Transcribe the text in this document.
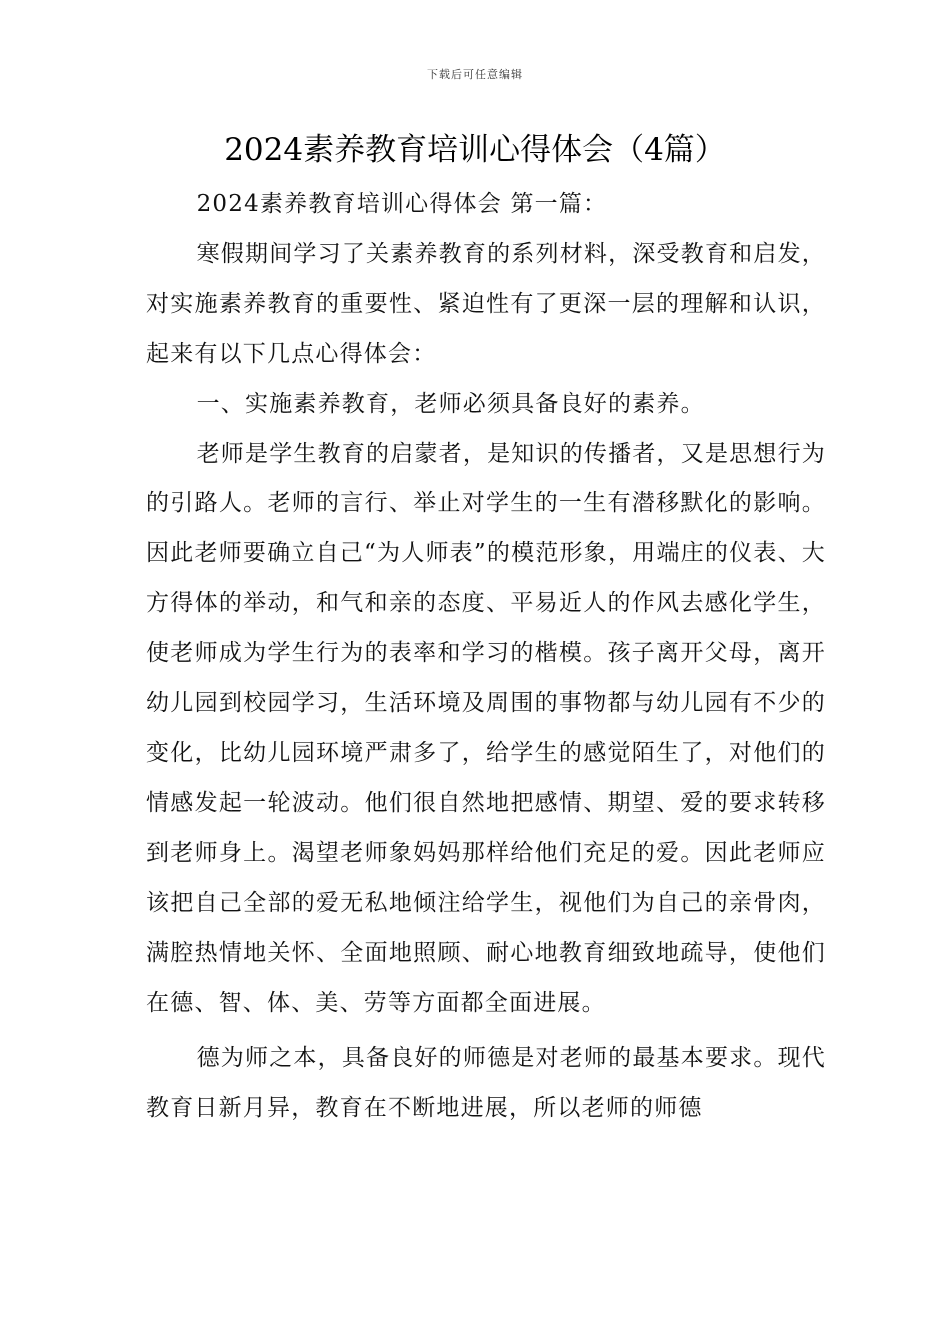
下载后可任意编辑
2024素养教育培训心得体会（4篇）

2024素养教育培训心得体会 第一篇：

寒假期间学习了关素养教育的系列材料，深受教育和启发，对实施素养教育的重要性、紧迫性有了更深一层的理解和认识，起来有以下几点心得体会：

一、实施素养教育，老师必须具备良好的素养。

老师是学生教育的启蒙者，是知识的传播者，又是思想行为的引路人。老师的言行、举止对学生的一生有潜移默化的影响。因此老师要确立自己“为人师表”的模范形象，用端庄的仪表、大方得体的举动，和气和亲的态度、平易近人的作风去感化学生，使老师成为学生行为的表率和学习的楷模。孩子离开父母，离开幼儿园到校园学习，生活环境及周围的事物都与幼儿园有不少的变化，比幼儿园环境严肃多了，给学生的感觉陌生了，对他们的情感发起一轮波动。他们很自然地把感情、期望、爱的要求转移到老师身上。渴望老师象妈妈那样给他们充足的爱。因此老师应该把自己全部的爱无私地倾注给学生，视他们为自己的亲骨肉，满腔热情地关怀、全面地照顾、耐心地教育细致地疏导，使他们在德、智、体、美、劳等方面都全面进展。

德为师之本，具备良好的师德是对老师的最基本要求。现代教育日新月异，教育在不断地进展，所以老师的师德
